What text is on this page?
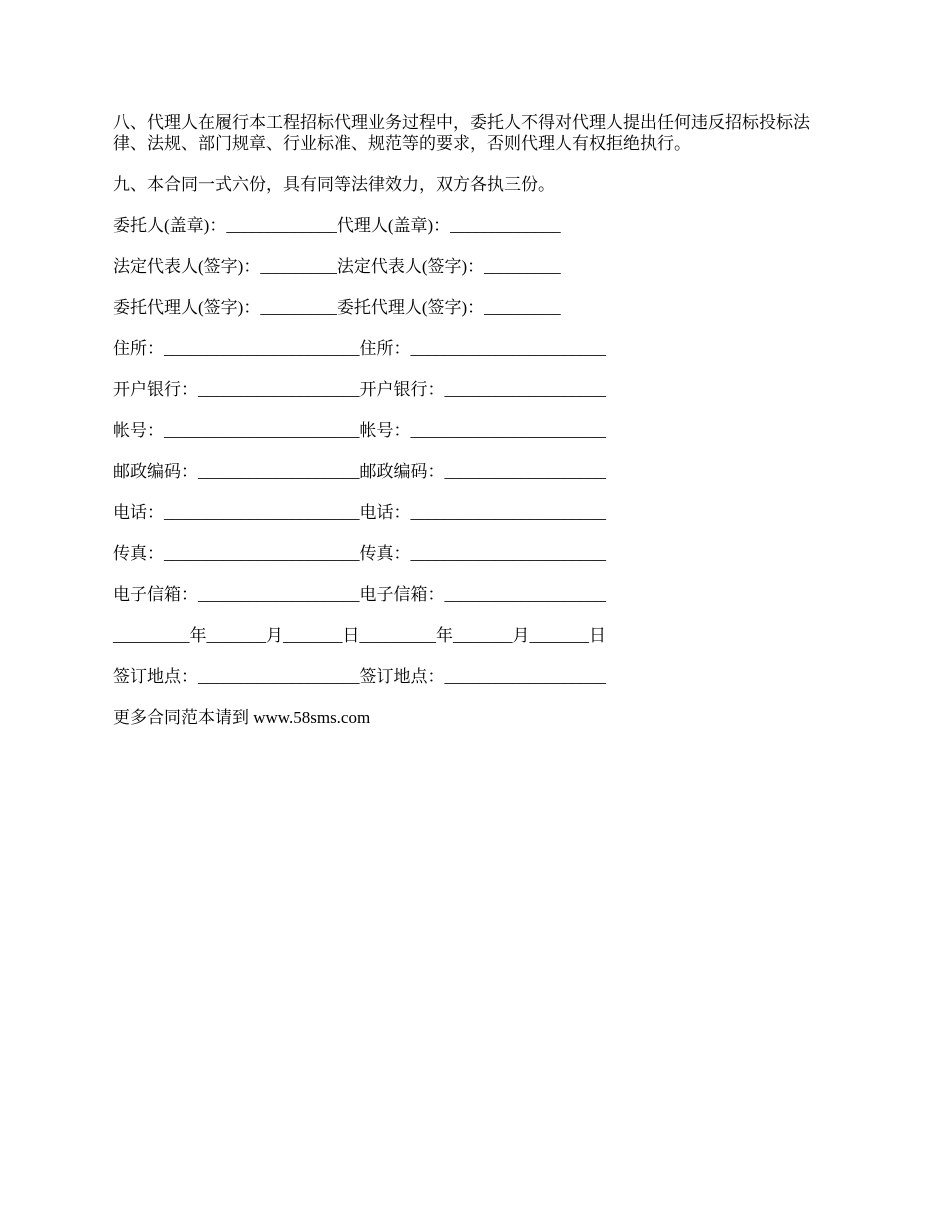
八、代理人在履行本工程招标代理业务过程中，委托人不得对代理人提出任何违反招标投标法律、法规、部门规章、行业标准、规范等的要求，否则代理人有权拒绝执行。

九、本合同一式六份，具有同等法律效力，双方各执三份。

委托人(盖章)：_____________代理人(盖章)：_____________
法定代表人(签字)：_________法定代表人(签字)：_________
委托代理人(签字)：_________委托代理人(签字)：_________
住所：_______________________住所：_______________________
开户银行：___________________开户银行：___________________
帐号：_______________________帐号：_______________________
邮政编码：___________________邮政编码：___________________
电话：_______________________电话：_______________________
传真：_______________________传真：_______________________
电子信箱：___________________电子信箱：___________________
_________年_______月_______日_________年_______月_______日
签订地点：___________________签订地点：___________________
更多合同范本请到 www.58sms.com
